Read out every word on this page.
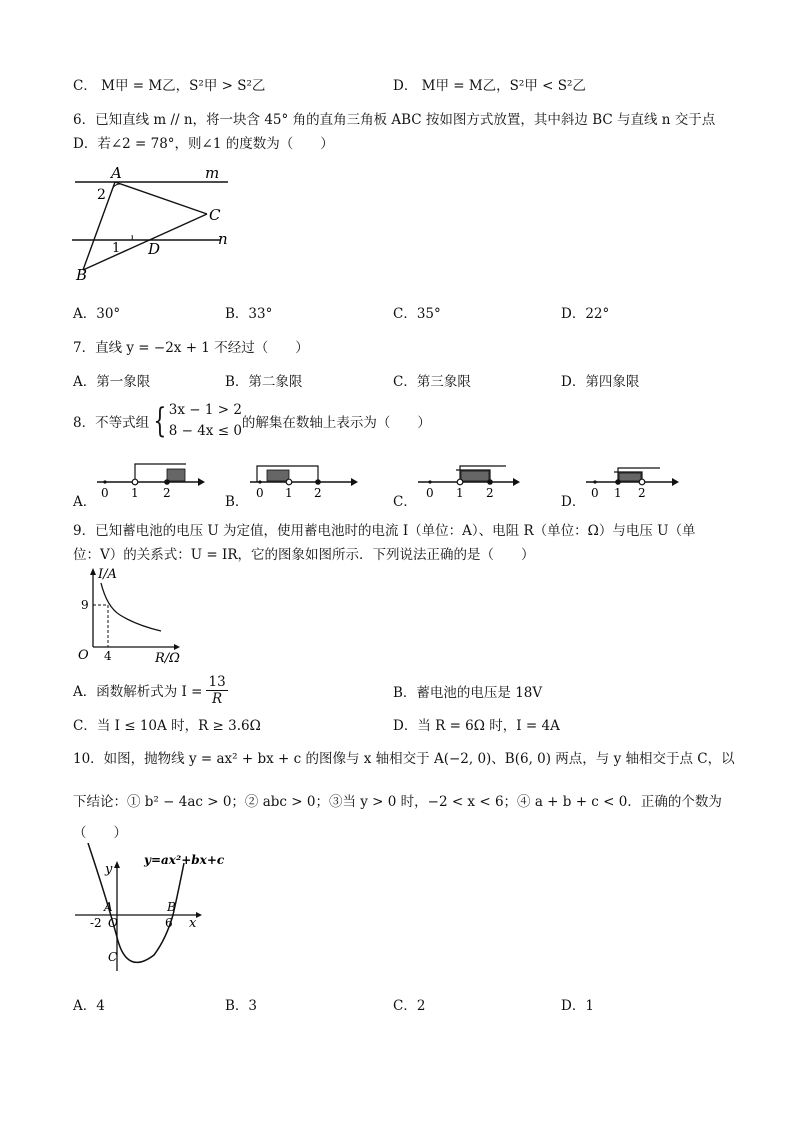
C． M甲 = M乙，S²甲 > S²乙	D． M甲 = M乙，S²甲 < S²乙
6．已知直线 m // n，将一块含 45° 角的直角三角板 ABC 按如图方式放置，其中斜边 BC 与直线 n 交于点
D．若∠2 = 78°，则∠1 的度数为（　　）
A
B
C
D
m
n
2
1
A．30°	B．33°	C．35°	D．22°
7．直线 y = −2x + 1 不经过（　　）
A．第一象限	B．第二象限	C．第三象限	D．第四象限
8．不等式组 { 3x − 1 > 2
8 − 4x ≤ 0 的解集在数轴上表示为（　　）
A．
0 1 2
B．
0 1 2
C．
0 1 2
D．
0 1 2
9．已知蓄电池的电压 U 为定值，使用蓄电池时的电流 I（单位：A）、电阻 R（单位：Ω）与电压 U（单
位：V）的关系式：U = IR，它的图象如图所示．下列说法正确的是（　　）
I/A
R/Ω
O
9
4
A．函数解析式为 $I = \frac{13}{R}$	B．蓄电池的电压是 18V
C．当 I ≤ 10A 时，R ≥ 3.6Ω	D．当 R = 6Ω 时，I = 4A
10．如图，抛物线 y = ax² + bx + c 的图像与 x 轴相交于 A(−2, 0)、B(6, 0) 两点，与 y 轴相交于点 C，以
下结论：① b² − 4ac > 0；② abc > 0；③当 y > 0 时，−2 < x < 6；④ a + b + c < 0．正确的个数为
（　　）
y=ax²+bx+c
y
x
A	B
C
O
-2	6
A．4	B．3	C．2	D．1
